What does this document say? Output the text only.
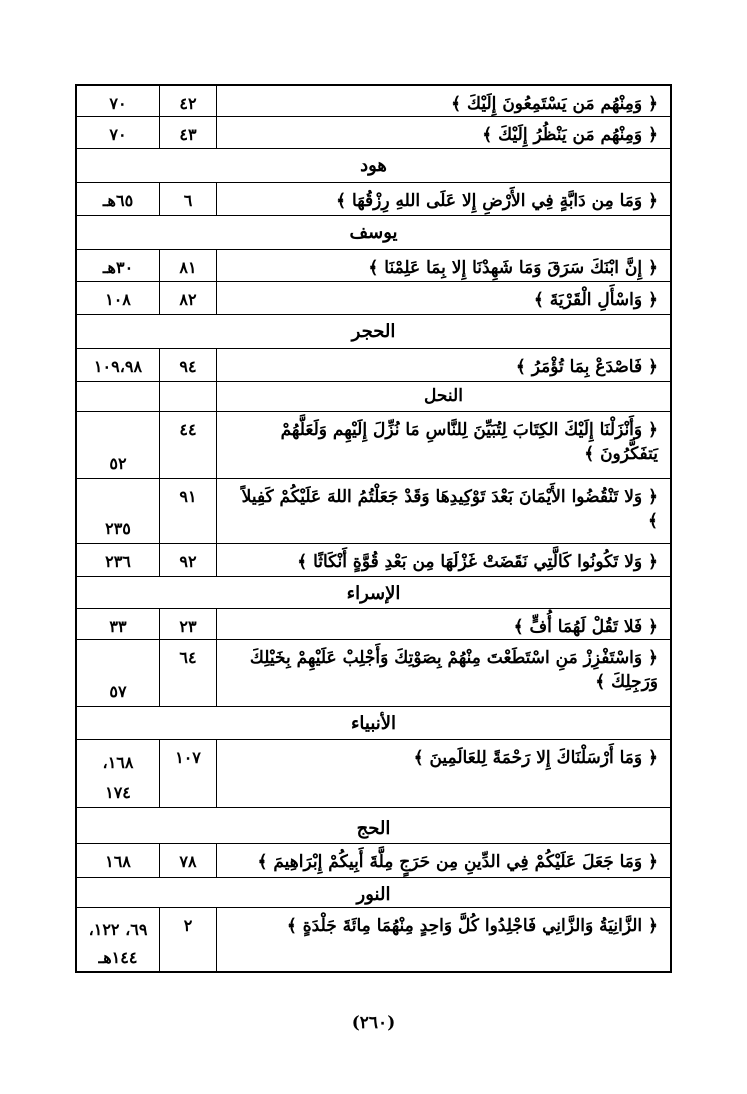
﴿ وَمِنْهُم مَن يَسْتَمِعُونَ إِلَيْكَ ﴾
٤٢
٧٠
﴿ وَمِنْهُم مَن يَنْظُرُ إِلَيْكَ ﴾
٤٣
٧٠
هود
﴿ وَمَا مِن دَابَّةٍ فِي الأَرْضِ إِلا عَلَى اللهِ رِزْقُهَا ﴾
٦
٦٥هـ
يوسف
﴿ إِنَّ ابْنَكَ سَرَقَ وَمَا شَهِدْنَا إِلا بِمَا عَلِمْنَا ﴾
٨١
٣٠هـ
﴿ وَاسْأَلِ الْقَرْيَةَ ﴾
٨٢
١٠٨
الحجر
﴿ فَاصْدَعْ بِمَا تُؤْمَرُ ﴾
٩٤
١٠٩،٩٨
النحل
﴿ وَأَنْزَلْنَا إِلَيْكَ الكِتَابَ لِتُبَيِّنَ لِلنَّاسِ مَا نُزِّلَ إِلَيْهِم وَلَعَلَّهُمْ يَتفَكَّرُونَ ﴾
٤٤
٥٢
﴿ وَلا تَنْقُضُوا الأَيْمَانَ بَعْدَ تَوْكِيدِهَا وَقَدْ جَعَلْتُمُ اللهَ عَلَيْكُمْ كَفِيلاً ﴾
٩١
٢٣٥
﴿ وَلا تَكُونُوا كَالَّتِي نَقَضَتْ غَزْلَهَا مِن بَعْدِ قُوَّةٍ أَنْكَاثًا ﴾
٩٢
٢٣٦
الإسراء
﴿ فَلا تَقُلْ لَهُمَا أُفٍّ ﴾
٢٣
٣٣
﴿ وَاسْتَفْزِزْ مَنِ اسْتَطَعْتَ مِنْهُمْ بِصَوْتِكَ وَأَجْلِبْ عَلَيْهِمْ بِخَيْلِكَ وَرَجِلِكَ ﴾
٦٤
٥٧
الأنبياء
﴿ وَمَا أَرْسَلْنَاكَ إِلا رَحْمَةً لِلعَالَمِينَ ﴾
١٠٧
١٦٨، ١٧٤
الحج
﴿ وَمَا جَعَلَ عَلَيْكُمْ فِي الدِّينِ مِن حَرَجٍ مِلَّةَ أَبِيكُمْ إِبْرَاهِيمَ ﴾
٧٨
١٦٨
النور
﴿ الزَّانِيَةُ وَالزَّانِي فَاجْلِدُوا كُلَّ وَاحِدٍ مِنْهُمَا مِائَةَ جَلْدَةٍ ﴾
٢
٦٩، ١٢٢، ١٤٤هـ
(٢٦٠)
